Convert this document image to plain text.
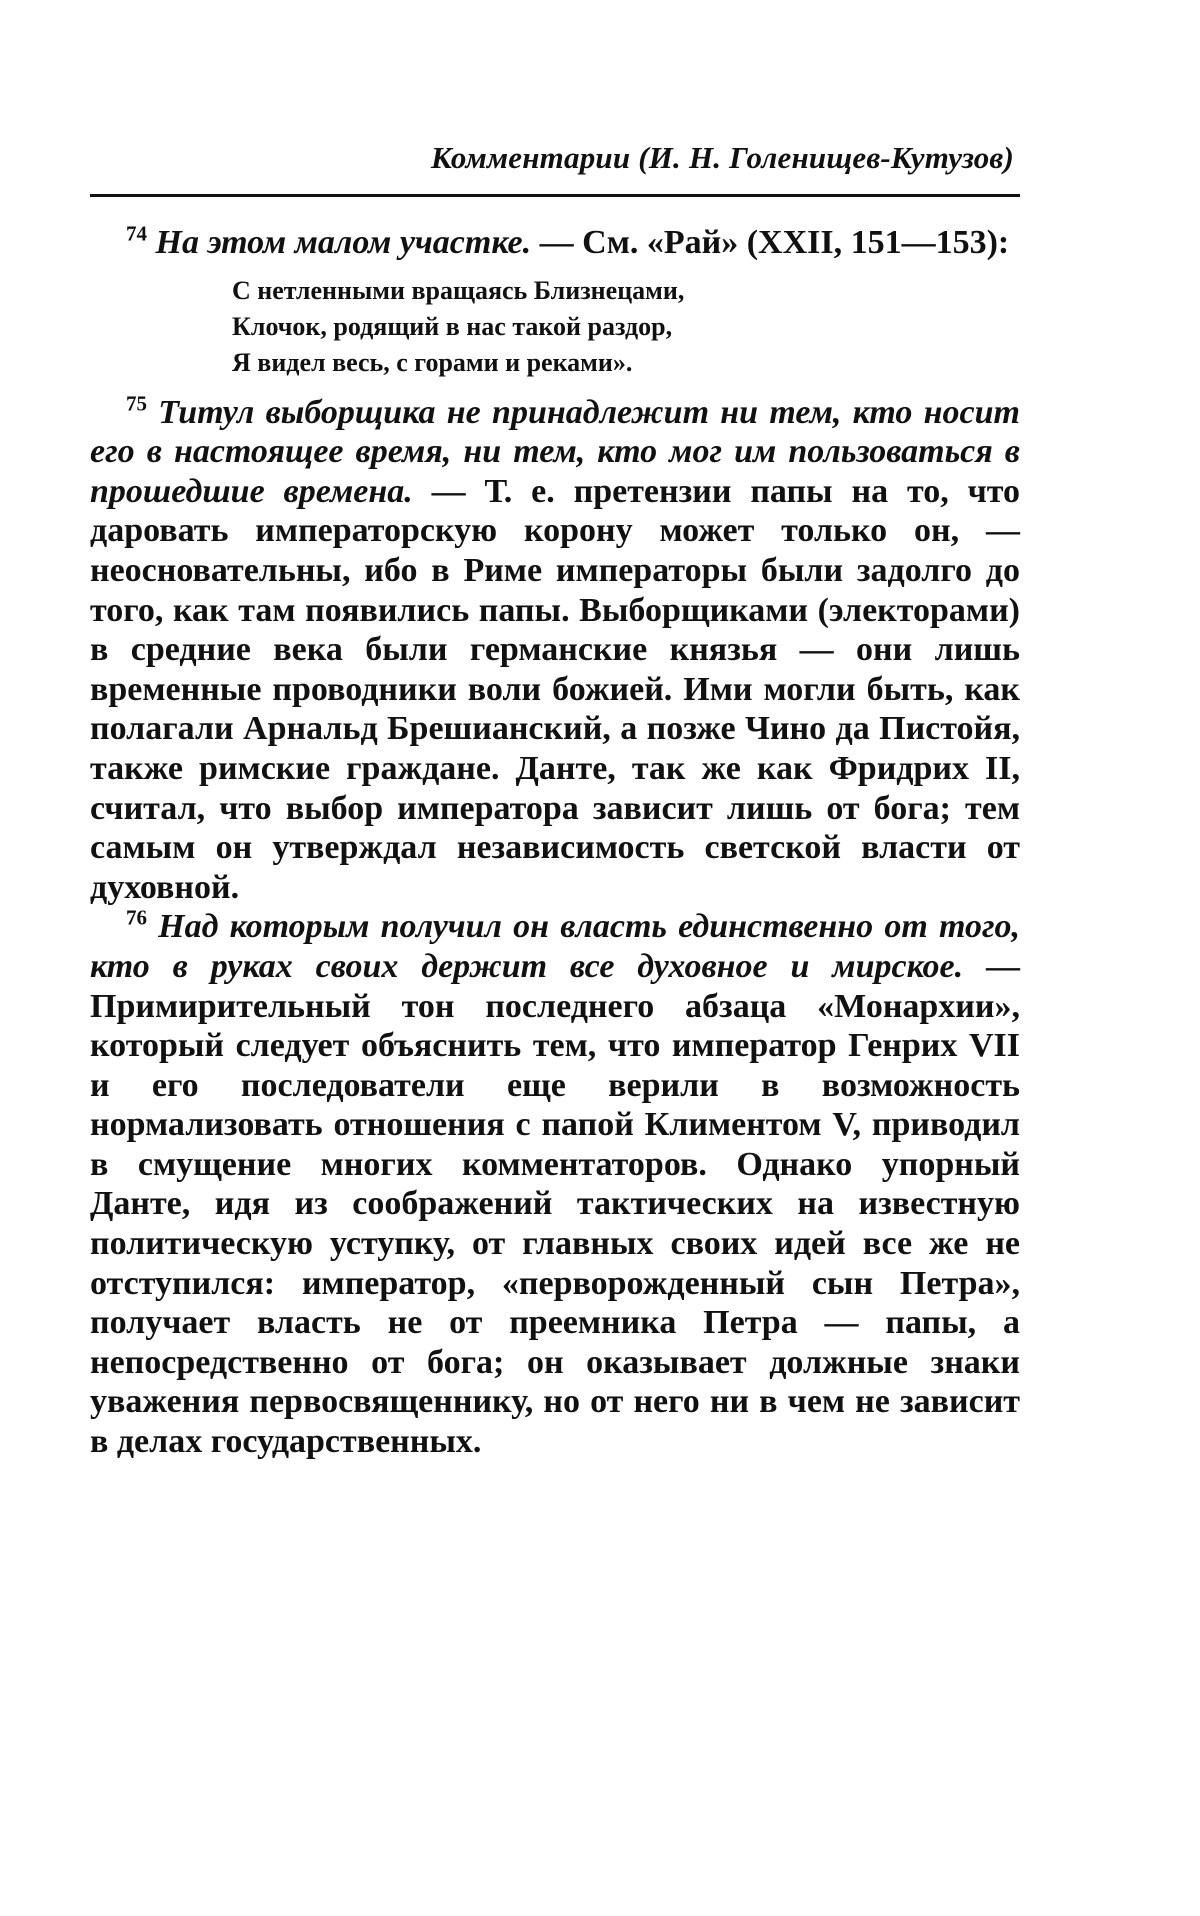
Комментарии (И. Н. Голенищев-Кутузов)

$^{74}$ На этом малом участке. — См. «Рай» (XXII, 151—153):

С нетленными вращаясь Близнецами,
Клочок, родящий в нас такой раздор,
Я видел весь, с горами и реками».

$^{75}$ Титул выборщика не принадлежит ни тем, кто носит его в настоящее время, ни тем, кто мог им пользоваться в прошедшие времена. — Т. е. претензии папы на то, что даровать императорскую корону может только он, — неосновательны, ибо в Риме императоры были задолго до того, как там появились папы. Выборщиками (электорами) в средние века были германские князья — они лишь временные проводники воли божией. Ими могли быть, как полагали Арнальд Брешианский, а позже Чино да Пистойя, также римские граждане. Данте, так же как Фридрих II, считал, что выбор императора зависит лишь от бога; тем самым он утверждал независимость светской власти от духовной.

$^{76}$ Над которым получил он власть единственно от того, кто в руках своих держит все духовное и мирское. — Примирительный тон последнего абзаца «Монархии», который следует объяснить тем, что император Генрих VII и его последователи еще верили в возможность нормализовать отношения с папой Климентом V, приводил в смущение многих комментаторов. Однако упорный Данте, идя из соображений тактических на известную политическую уступку, от главных своих идей все же не отступился: император, «перворожденный сын Петра», получает власть не от преемника Петра — папы, а непосредственно от бога; он оказывает должные знаки уважения первосвященнику, но от него ни в чем не зависит в делах государственных.
